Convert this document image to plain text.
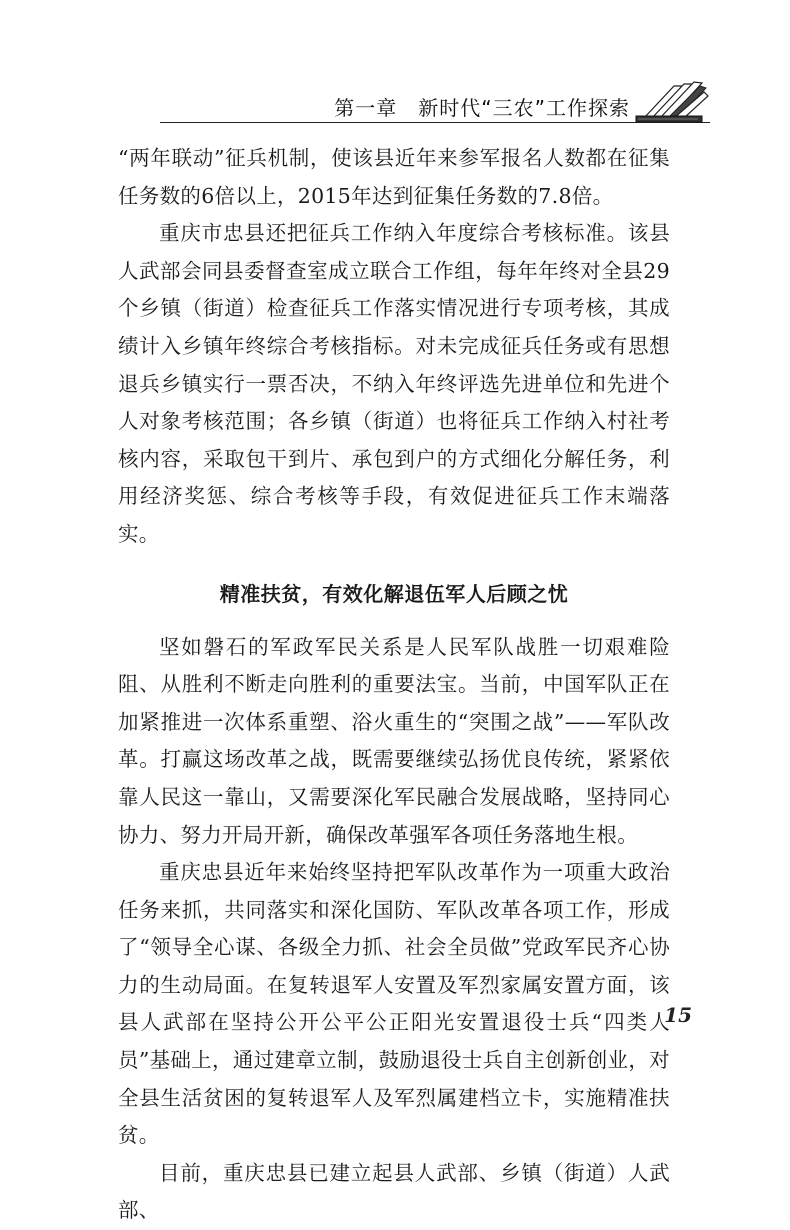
第一章　新时代“三农”工作探索

“两年联动”征兵机制，使该县近年来参军报名人数都在征集任务数的6倍以上，2015年达到征集任务数的7.8倍。

重庆市忠县还把征兵工作纳入年度综合考核标准。该县人武部会同县委督查室成立联合工作组，每年年终对全县29个乡镇（街道）检查征兵工作落实情况进行专项考核，其成绩计入乡镇年终综合考核指标。对未完成征兵任务或有思想退兵乡镇实行一票否决，不纳入年终评选先进单位和先进个人对象考核范围；各乡镇（街道）也将征兵工作纳入村社考核内容，采取包干到片、承包到户的方式细化分解任务，利用经济奖惩、综合考核等手段，有效促进征兵工作末端落实。

精准扶贫，有效化解退伍军人后顾之忧

坚如磐石的军政军民关系是人民军队战胜一切艰难险阻、从胜利不断走向胜利的重要法宝。当前，中国军队正在加紧推进一次体系重塑、浴火重生的“突围之战”——军队改革。打赢这场改革之战，既需要继续弘扬优良传统，紧紧依靠人民这一靠山，又需要深化军民融合发展战略，坚持同心协力、努力开局开新，确保改革强军各项任务落地生根。

重庆忠县近年来始终坚持把军队改革作为一项重大政治任务来抓，共同落实和深化国防、军队改革各项工作，形成了“领导全心谋、各级全力抓、社会全员做”党政军民齐心协力的生动局面。在复转退军人安置及军烈家属安置方面，该县人武部在坚持公开公平公正阳光安置退役士兵“四类人员”基础上，通过建章立制，鼓励退役士兵自主创新创业，对全县生活贫困的复转退军人及军烈属建档立卡，实施精准扶贫。

目前，重庆忠县已建立起县人武部、乡镇（街道）人武部、

15
